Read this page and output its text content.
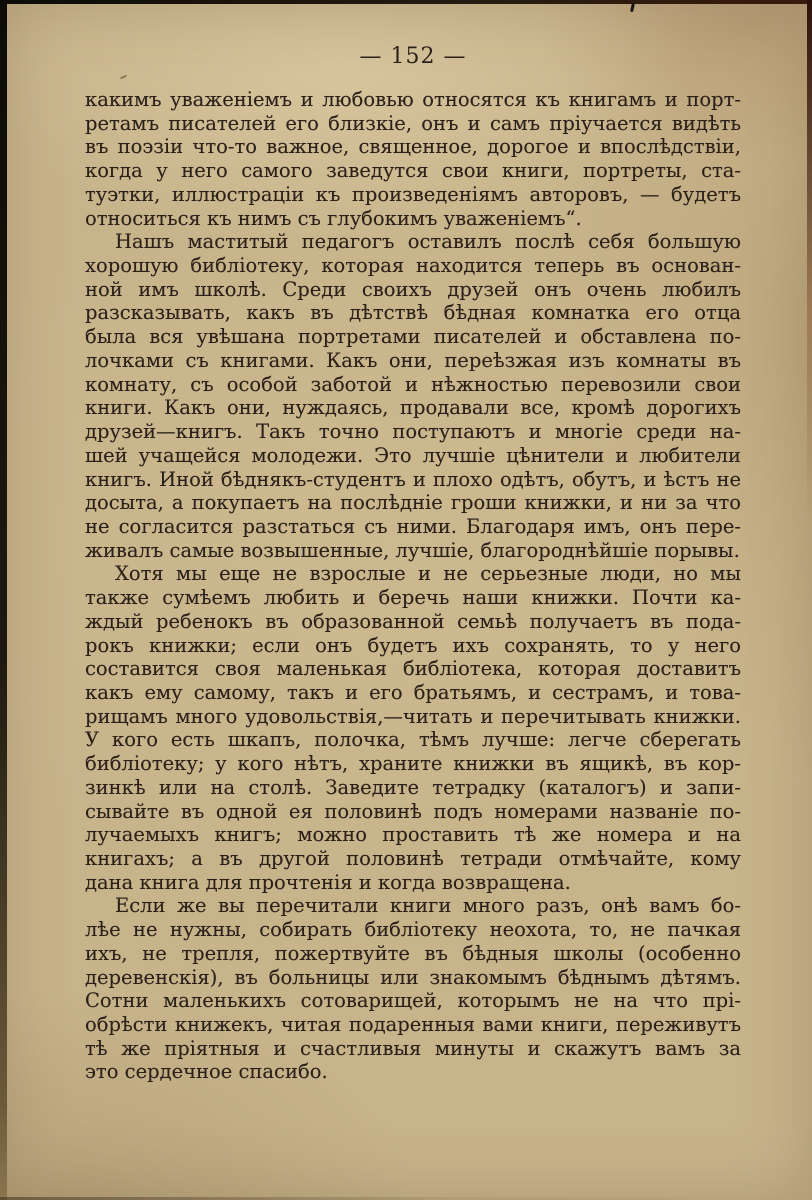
— 152 —
какимъ уваженіемъ и любовью относятся къ книгамъ и порт-
ретамъ писателей его близкіе, онъ и самъ пріучается видѣть
въ поэзіи что-то важное, священное, дорогое и впослѣдствіи,
когда у него самого заведутся свои книги, портреты, ста-
туэтки, иллюстраціи къ произведеніямъ авторовъ, — будетъ
относиться къ нимъ съ глубокимъ уваженіемъ“.
Нашъ маститый педагогъ оставилъ послѣ себя большую
хорошую библіотеку, которая находится теперь въ основан-
ной имъ школѣ. Среди своихъ друзей онъ очень любилъ
разсказывать, какъ въ дѣтствѣ бѣдная комнатка его отца
была вся увѣшана портретами писателей и обставлена по-
лочками съ книгами. Какъ они, переѣзжая изъ комнаты въ
комнату, съ особой заботой и нѣжностью перевозили свои
книги. Какъ они, нуждаясь, продавали все, кромѣ дорогихъ
друзей—книгъ. Такъ точно поступаютъ и многіе среди на-
шей учащейся молодежи. Это лучшіе цѣнители и любители
книгъ. Иной бѣднякъ-студентъ и плохо одѣтъ, обутъ, и ѣстъ не
досыта, а покупаетъ на послѣдніе гроши книжки, и ни за что
не согласится разстаться съ ними. Благодаря имъ, онъ пере-
живалъ самые возвышенные, лучшіе, благороднѣйшіе порывы.
Хотя мы еще не взрослые и не серьезные люди, но мы
также сумѣемъ любить и беречь наши книжки. Почти ка-
ждый ребенокъ въ образованной семьѣ получаетъ въ пода-
рокъ книжки; если онъ будетъ ихъ сохранять, то у него
составится своя маленькая библіотека, которая доставитъ
какъ ему самому, такъ и его братьямъ, и сестрамъ, и това-
рищамъ много удовольствія,—читать и перечитывать книжки.
У кого есть шкапъ, полочка, тѣмъ лучше: легче сберегать
библіотеку; у кого нѣтъ, храните книжки въ ящикѣ, въ кор-
зинкѣ или на столѣ. Заведите тетрадку (каталогъ) и запи-
сывайте въ одной ея половинѣ подъ номерами названіе по-
лучаемыхъ книгъ; можно проставить тѣ же номера и на
книгахъ; а въ другой половинѣ тетради отмѣчайте, кому
дана книга для прочтенія и когда возвращена.
Если же вы перечитали книги много разъ, онѣ вамъ бо-
лѣе не нужны, собирать библіотеку неохота, то, не пачкая
ихъ, не трепля, пожертвуйте въ бѣдныя школы (особенно
деревенскія), въ больницы или знакомымъ бѣднымъ дѣтямъ.
Сотни маленькихъ сотоварищей, которымъ не на что прі-
обрѣсти книжекъ, читая подаренныя вами книги, переживутъ
тѣ же пріятныя и счастливыя минуты и скажутъ вамъ за
это сердечное спасибо.
